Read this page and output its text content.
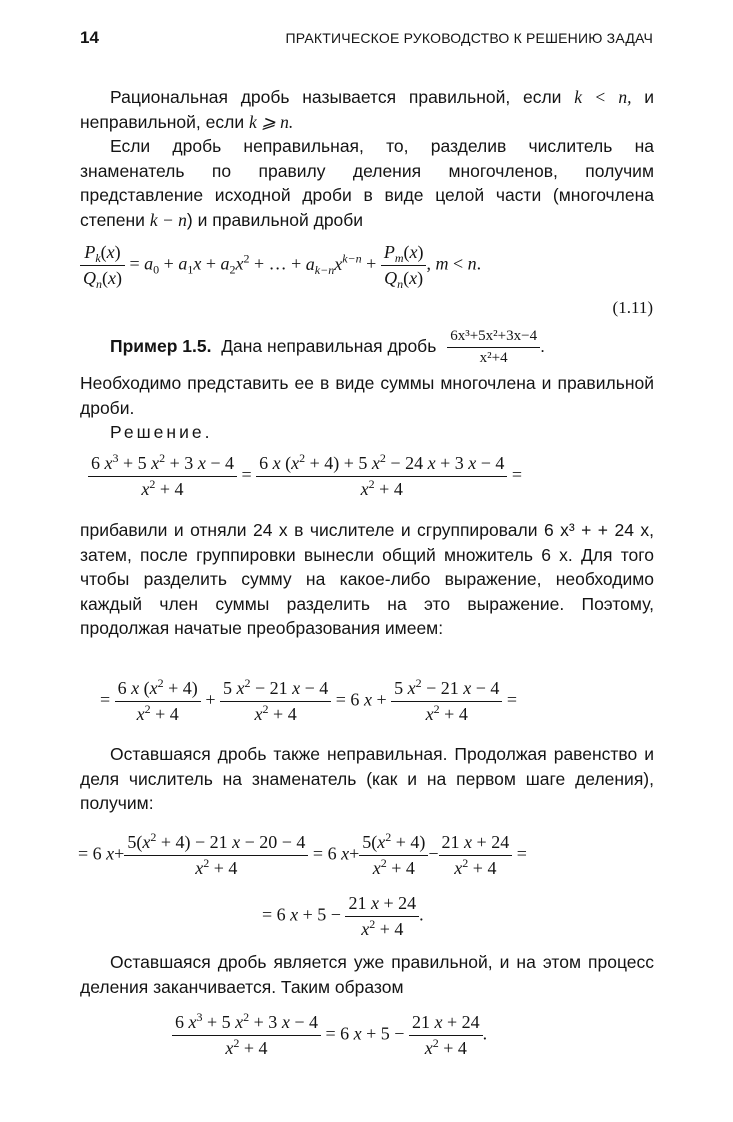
14	ПРАКТИЧЕСКОЕ РУКОВОДСТВО К РЕШЕНИЮ ЗАДАЧ
Рациональная дробь называется правильной, если k < n, и неправильной, если k ⩾ n.
Если дробь неправильная, то, разделив числитель на знаменатель по правилу деления многочленов, получим представление исходной дроби в виде целой части (многочлена степени k − n) и правильной дроби
$\frac{P_k(x)}{Q_n(x)} = a_0 + a_1x + a_2x^2$ + … + $a_{k-n}x^{k-n} + \frac{P_m(x)}{Q_n(x)}$ , m < n.
(1.11)
Пример 1.5. Дана неправильная дробь $\frac{\text{6x³+5x²+3x−4}}{\text{x²+4}}$ .
Необходимо представить ее в виде суммы многочлена и правильной дроби.
Решение.
$\frac{6 x^3 + 5 x^2 + 3 x - 4}{x^2 + 4} = \frac{6 x (x^2 + 4) + 5 x^2 - 24 x + 3 x - 4}{x^2 + 4}$ =
прибавили и отняли 24 x в числителе и сгруппировали 6 x³ + + 24 x, затем, после группировки вынесли общий множитель 6 x. Для того чтобы разделить сумму на какое-либо выражение, необходимо каждый член суммы разделить на это выражение. Поэтому, продолжая начатые преобразования имеем:
= $\frac{6 x (x^2 + 4)}{x^2 + 4} + \frac{5 x^2 - 21 x - 4}{x^2 + 4} = 6$ $x + \frac{5 x^2 - 21 x - 4}{x^2 + 4}$ =
Оставшаяся дробь также неправильная. Продолжая равенство и деля числитель на знаменатель (как и на первом шаге деления), получим:
= 6 $x+ \frac{5(x^2 + 4) - 21 x - 20 - 4}{x^2 + 4} = 6$ $x+ \frac{5(x^2 + 4)}{x^2 + 4} - \frac{21 x + 24}{x^2 + 4}$ =
= 6 $x + 5 - \frac{21 x + 24}{x^2 + 4}$ .
Оставшаяся дробь является уже правильной, и на этом процесс деления заканчивается. Таким образом
$\frac{6 x^3 + 5 x^2 + 3 x - 4}{x^2 + 4} = 6$ $x + 5 - \frac{21 x + 24}{x^2 + 4}$ .
